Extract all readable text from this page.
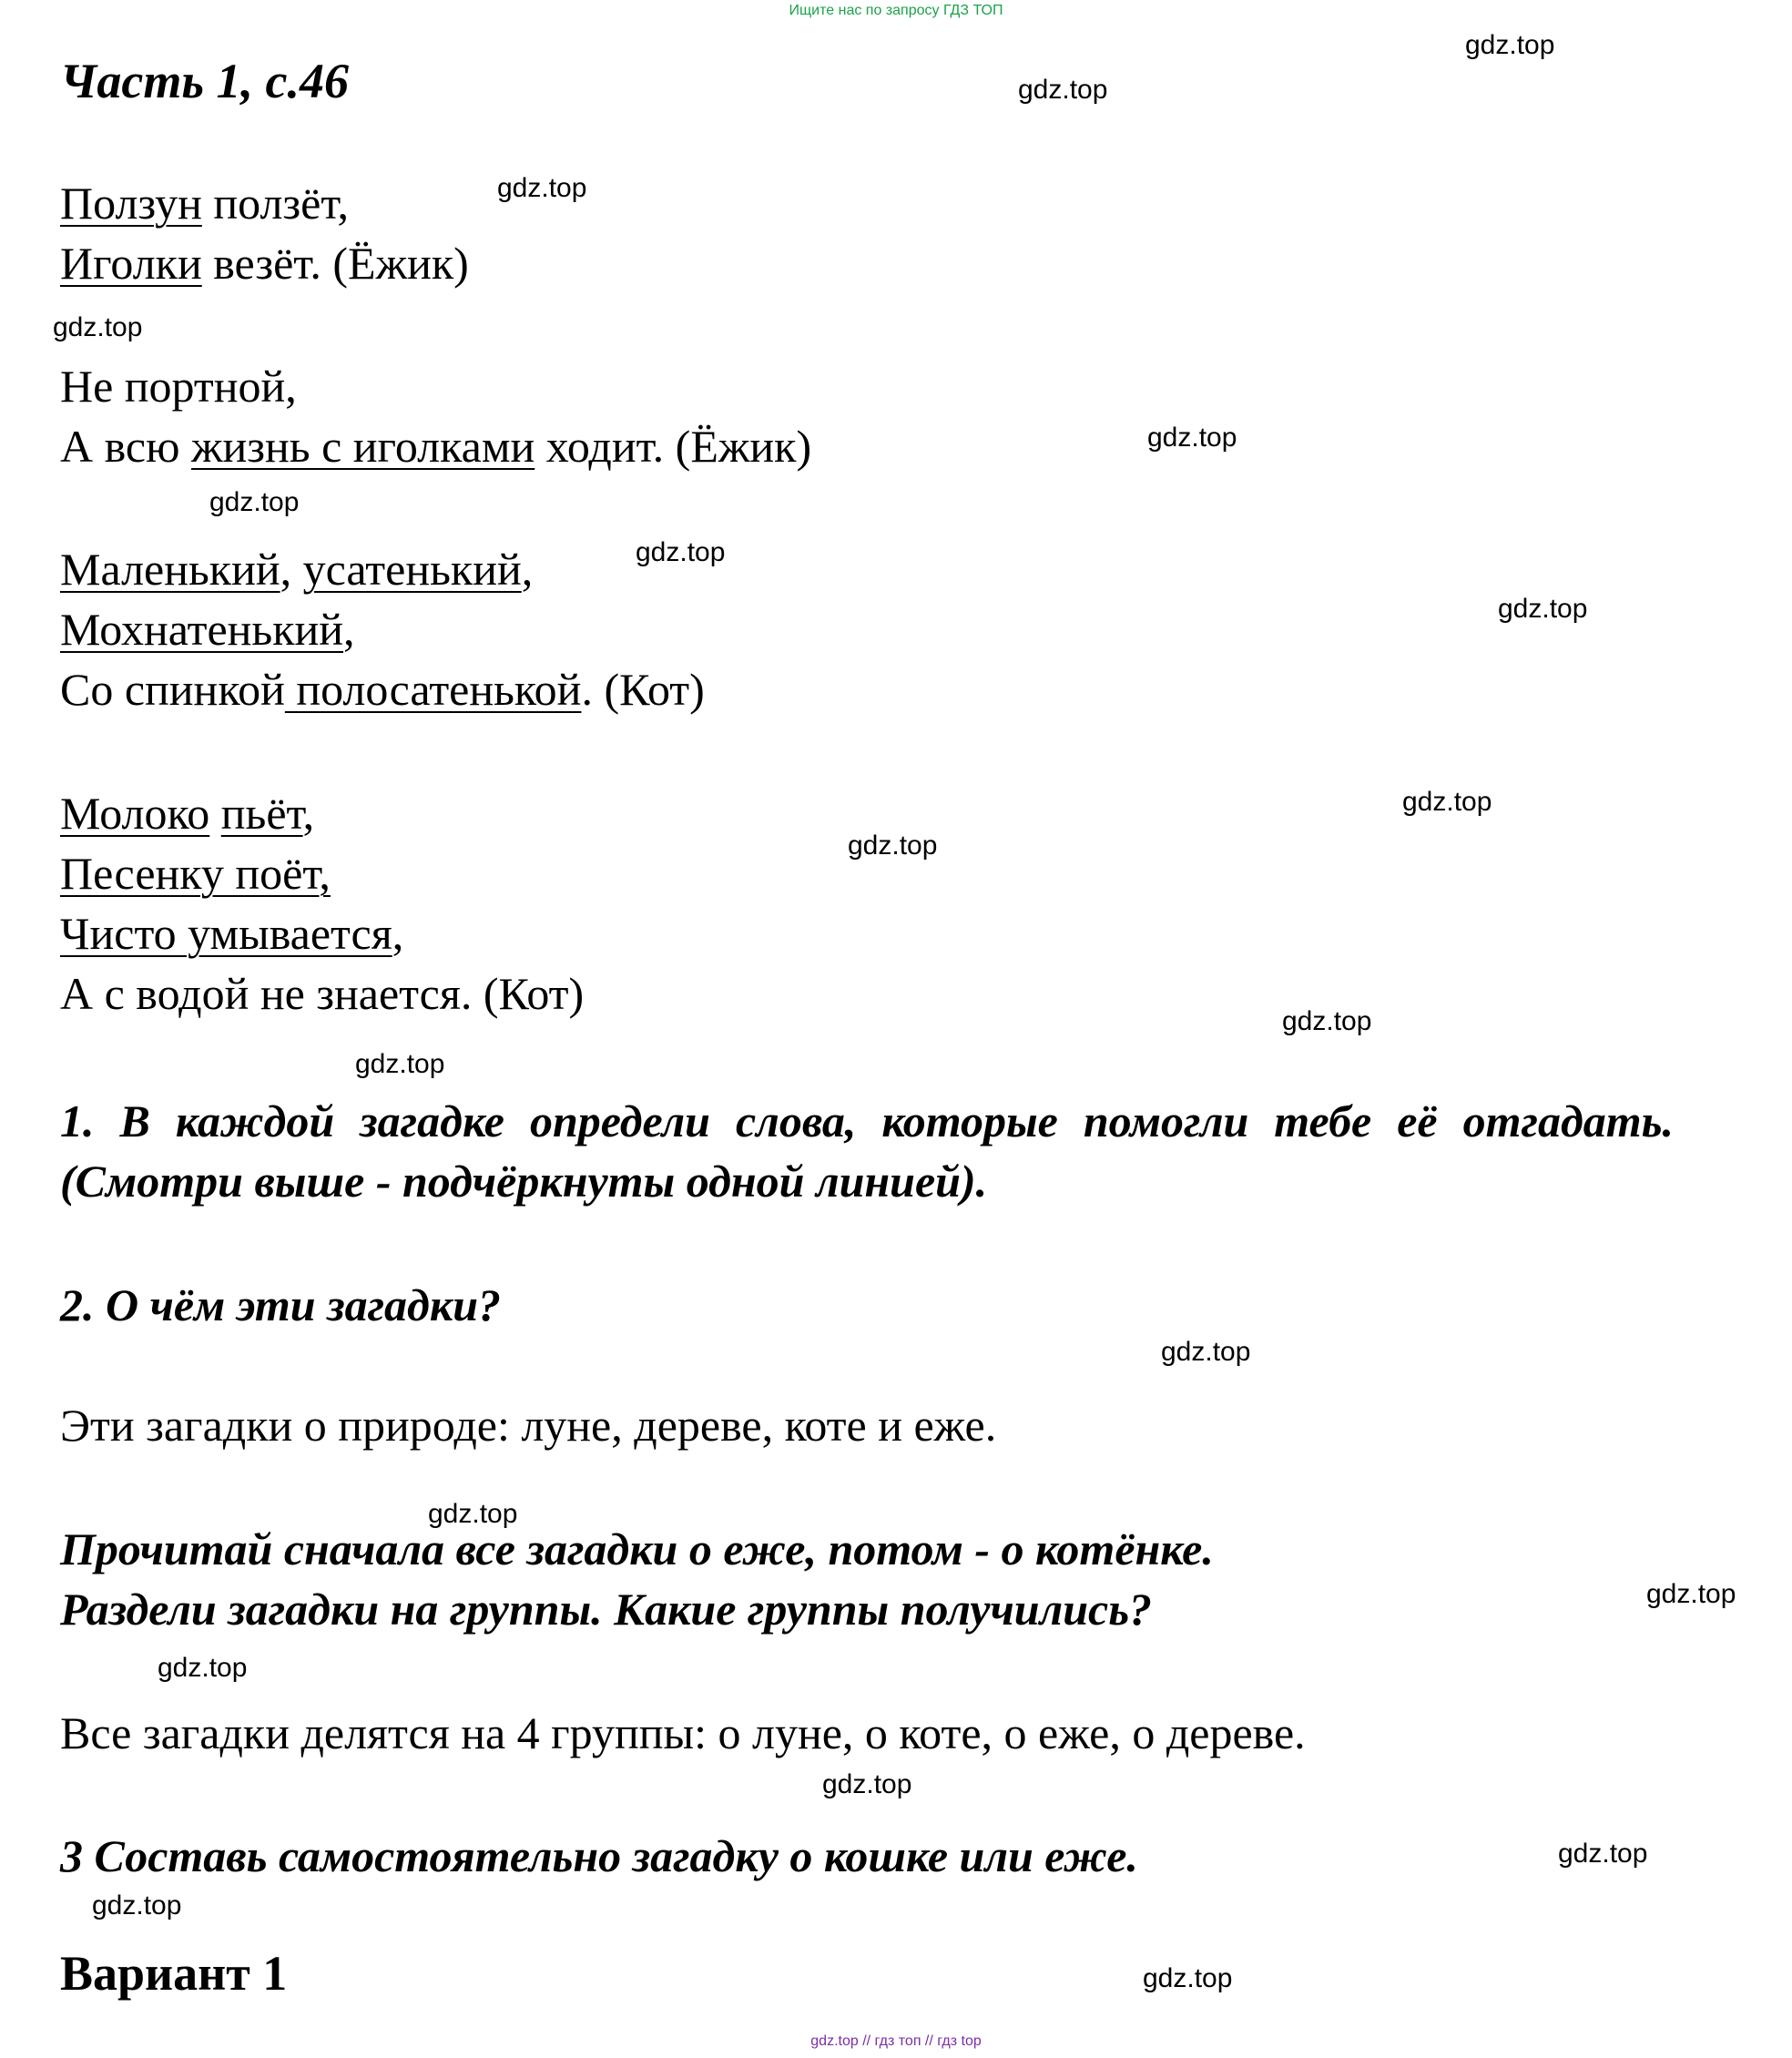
Ищите нас по запросу ГДЗ ТОП
Часть 1, с.46
gdz.top
gdz.top
gdz.top
gdz.top
gdz.top
gdz.top
gdz.top
gdz.top
gdz.top
gdz.top
gdz.top
gdz.top
gdz.top
gdz.top
gdz.top
gdz.top
gdz.top
gdz.top
gdz.top
gdz.top
Ползун ползёт,
Иголки везёт. (Ёжик)
Не портной,
А всю жизнь с иголками ходит. (Ёжик)
Маленький, усатенький,
Мохнатенький,
Со спинкой полосатенькой. (Кот)
Молоко пьёт,
Песенку поёт,
Чисто умывается,
А с водой не знается. (Кот)
1. В каждой загадке определи слова, которые помогли тебе её отгадать. (Смотри выше - подчёркнуты одной линией).
2. О чём эти загадки?
Эти загадки о природе: луне, дереве, коте и еже.
Прочитай сначала все загадки о еже, потом - о котёнке.
Раздели загадки на группы. Какие группы получились?
Все загадки делятся на 4 группы: о луне, о коте, о еже, о дереве.
3 Составь самостоятельно загадку о кошке или еже.
Вариант 1
gdz.top // гдз топ // гдз top
